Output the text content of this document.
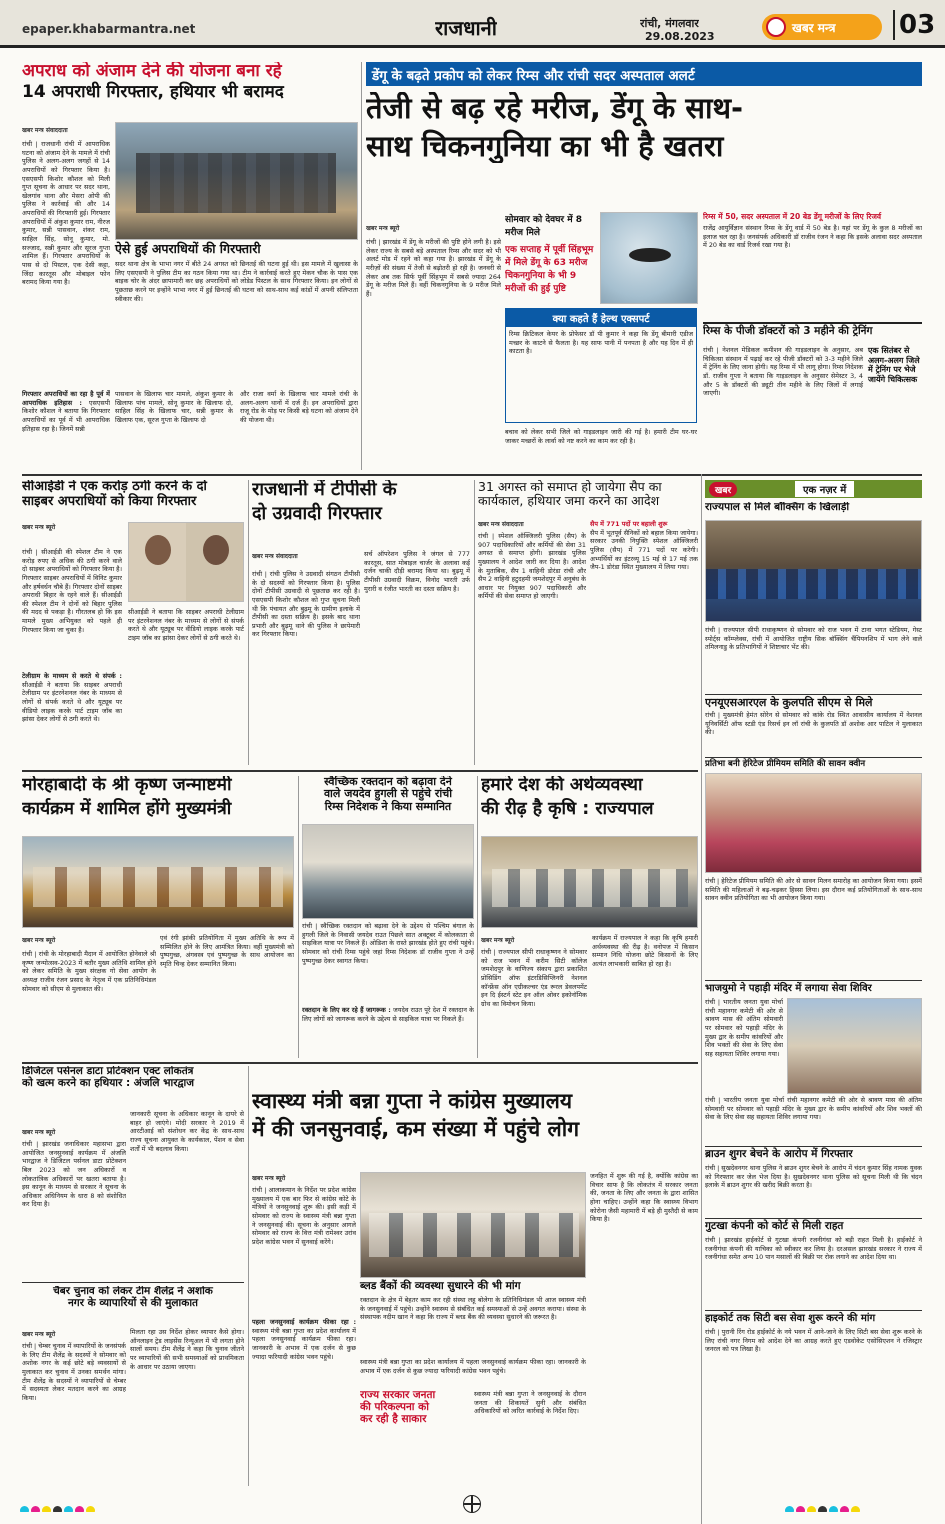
epaper.khabarmantra.net	राजधानी	रांची, मंगलवार
29.08.2023
खबर मन्त्र 03
अपराध को अंजाम देने की योजना बना रहे
14 अपराधी गिरफ्तार, हथियार भी बरामद
खबर मन्त्र संवाददाता
रांची | राजधानी रांची में आपराधिक घटना को अंजाम देने के मामले में रांची पुलिस ने अलग-अलग जगहों से 14 अपराधियों को गिरफ्तार किया है। एसएसपी किशोर कौशल को मिली गुप्त सूचना के आधार पर सदर थाना, खेलगांव थाना और मेसरा ओपी की पुलिस ने कार्रवाई की और 14 अपराधियों की गिरफ्तारी हुई। गिरफ्तार अपराधियों में अंकुश कुमार राम, नीरज कुमार, सन्नी पासवान, शंकर राम, साहिल सिंह, सोनू कुमार, मो. सज्जाद, सन्नी कुमार और सूरज गुप्ता शामिल हैं। गिरफ्तार अपराधियों के पास से दो पिस्टल, एक देसी कट्टा, जिंदा कारतूस और मोबाइल फोन बरामद किया गया है।
गिरफ्तार अपराधियों का रहा है पूर्व में आपराधिक इतिहास : एसएसपी किशोर कौशल ने बताया कि गिरफ्तार अपराधियों का पूर्व में भी आपराधिक इतिहास रहा है। जिनमें सन्नी
ऐसे हुई अपराधियों की गिरफ्तारी
सदर थाना क्षेत्र के भाभा नगर में बीते 24 अगस्त को छिनतई की घटना हुई थी। इस मामले में खुलासा के लिए एसएसपी ने पुलिस टीम का गठन किया गया था। टीम ने कार्रवाई करते हुए मेकन चौक के पास एक बाइक चोर के अंदर छापामारी कर छह अपराधियों को लोडेड पिस्टल के साथ गिरफ्तार किया। इन लोगों से पूछताछ करने पर इन्होंने भाभा नगर में हुई छिनतई की घटना को साथ-साथ कई कांडों में अपनी संलिप्तता स्वीकार की।
पासवान के खिलाफ चार मामले, अंकुश कुमार के खिलाफ पांच मामले, सोनू कुमार के खिलाफ दो, साहिल सिंह के खिलाफ चार, सन्नी कुमार के खिलाफ एक, सूरज गुप्ता के खिलाफ दो
और राजा वर्मा के खिलाफ चार मामले रांची के अलग-अलग थानों में दर्ज हैं। इन अपराधियों द्वारा राजू रोड के मोड़ पर किसी बड़े घटना को अंजाम देने की योजना थी।
डेंगू के बढ़ते प्रकोप को लेकर रिम्स और रांची सदर अस्पताल अलर्ट
तेजी से बढ़ रहे मरीज, डेंगू के साथ-
साथ चिकनगुनिया का भी है खतरा
खबर मन्त्र ब्यूरो
सोमवार को देवघर में 8
मरीज मिले
एक सप्ताह में पूर्वी सिंहभूम
में मिले डेंगू के 63 मरीज
चिकनगुनिया के भी 9
मरीजों की हुई पुष्टि
रांची | झारखंड में डेंगू के मरीजों की पुष्टि होने लगी है। इसे लेकर राज्य के सबसे बड़े अस्पताल रिम्स और सदर को भी अलर्ट मोड में रहने को कहा गया है। झारखंड में डेंगू के मरीज़ों की संख्या में तेजी से बढ़ोतरी हो रही है। जनवरी से लेकर अब तक सिर्फ पूर्वी सिंहभूम में सबसे ज्यादा 264 डेंगू के मरीज मिले हैं। वहीं चिकनगुनिया के 9 मरीज मिले हैं।
क्या कहते हैं हेल्थ एक्सपर्ट
रिम्स क्रिटिकल केयर के प्रोफेसर डॉ पी कुमार ने कहा कि डेंगू बीमारी एडीज मच्छर के काटने से फैलता है। यह साफ पानी में पनपता है और यह दिन में ही काटता है।
बचाव को लेकर सभी जिले को गाइडलाइन जारी की गई है। हमारी टीम घर-घर जाकर मच्छरों के लार्वा को नष्ट करने का काम कर रही है।
रिम्स में 50, सदर अस्पताल में 20 बेड डेंगू मरीजों के लिए रिजर्व
राजेंद्र आयुर्विज्ञान संस्थान रिम्स के डेंगू वार्ड में 50 बेड है। यहां पर डेंगू के कुल 8 मरीजों का इलाज चल रहा है। जनसंपर्क अधिकारी डॉ राजीव रंजन ने कहा कि इसके अलावा सदर अस्पताल में 20 बेड का वार्ड रिजर्व रखा गया है।
रिम्स के पीजी डॉक्टरों को 3 महीने की ट्रेनिंग
रांची | नेशनल मेडिकल कमीशन की गाइडलाइन के अनुसार, अब चिकित्सा संस्थान में पढ़ाई कर रहे पीजी डॉक्टरों को 3-3 महीने जिले में ट्रेनिंग के लिए जाना होगी। यह रिम्स में भी लागू होगा। रिम्स निदेशक डॉ. राजीव गुप्ता ने बताया कि गाइडलाइन के अनुसार सेमेस्टर 3, 4 और 5 के डॉक्टरों की ड्यूटी तीन महीने के लिए जिलों में लगाई जाएगी।
एक सितंबर से अलग-अलग जिले में ट्रेनिंग पर भेजे जायेंगे चिकित्सक
सीआईडी ने एक करोड़ ठगी करने के दो
साइबर अपराधियों को किया गिरफ्तार
खबर मन्त्र ब्यूरो
रांची | सीआईडी की स्पेशल टीम ने एक करोड़ रुपए से अधिक की ठगी करने वाले दो साइबर अपराधियों को गिरफ्तार किया है। गिरफ्तार साइबर अपराधियों में विनिट कुमार और हर्षवर्धन चौबे हैं। गिरफ्तार दोनों साइबर अपराधी बिहार के रहने वाले हैं। सीआईडी की स्पेशल टीम ने दोनों को बिहार पुलिस की मदद से पकड़ा है। गौरतलब हो कि इस मामले मुख्य अभियुक्त को पहले ही गिरफ्तार किया जा चुका है।
टेलीग्राम के माध्यम से करते थे संपर्क : सीआईडी ने बताया कि साइबर अपराधी टेलीग्राम पर इंटरनेशनल नंबर के माध्यम से लोगों से संपर्क करते थे और यूट्यूब पर वीडियो लाइक करके पार्ट टाइम जॉब का झांसा देकर लोगों से ठगी करते थे।
सीआईडी ने बताया कि साइबर अपराधी टेलीग्राम पर इंटरनेशनल नंबर के माध्यम से लोगों से संपर्क करते थे और यूट्यूब पर वीडियो लाइक करके पार्ट टाइम जॉब का झांसा देकर लोगों से ठगी करते थे।
राजधानी में टीपीसी के
दो उग्रवादी गिरफ्तार
खबर मन्त्र संवाददाता
रांची | रांची पुलिस ने उग्रवादी संगठन टीपीसी के दो सदस्यों को गिरफ्तार किया है। पुलिस दोनों टीपीसी उग्रवादी से पूछताछ कर रही है। एसएसपी किशोर कौशल को गुप्त सूचना मिली थी कि पंचायत और बुढ़मू के ग्रामीण इलाके में टीपीसी का दस्ता सक्रिय है। इसके बाद थाना प्रभारी और बुढ़मू थाने की पुलिस ने छापेमारी कर गिरफ्तार किया।
सर्च ऑपरेशन पुलिस ने जंगल से 777 कारतूस, सात मोबाइल चार्जर के अलावा कई दर्जन चाकी दौड़ी बरामद किया था। बुढ़मू में टीपीसी उग्रवादी विक्रम, विनोद भारती उर्फ मुरारी व रंजीत भारती का दस्ता सक्रिय है।
31 अगस्त को समाप्त हो जायेगा सैप का
कार्यकाल, हथियार जमा करने का आदेश
खबर मन्त्र संवाददाता
रांची | स्पेशल ऑक्जिलरी पुलिस (सैप) के 907 पदाधिकारियों और कर्मियों की सेवा 31 अगस्त से समाप्त होगी। झारखंड पुलिस मुख्यालय ने आदेश जारी कर दिया है। आदेश के मुताबिक, सैप 1 वाहिनी डोरंडा रांची और सैप 2 वाहिनी हटुदहमी जमशेदपुर में अनुबंध के आधार पर नियुक्त 907 पदाधिकारी और कर्मियों की सेवा समाप्त हो जाएगी।
सैप में 771 पदों पर बहाली शुरू
सैप में भूतपूर्व सैनिकों को बहाल किया जायेगा। सरकार उनकी नियुक्ति स्पेशल ऑक्जिलरी पुलिस (सैप) में 771 पदों पर करेगी। अभ्यर्थियों का इंटरव्यू 15 मई से 17 मई तक जैप-1 डोरंडा स्थित मुख्यालय में लिया गया।
खबर	एक नज़र में
राज्यपाल से मिले बॉक्सिंग के खिलाड़ी
रांची | राज्यपाल सीपी राधाकृष्णन से सोमवार को राज भवन में टाना भगत स्टेडियम, गेस्ट स्पोर्ट्स कॉम्प्लेक्स, रांची में आयोजित राष्ट्रीय सिक बॉक्सिंग चैंपियनशिप में भाग लेने वाले तमिलनाडु के प्रतिभागियों ने शिष्टाचार भेंट की।
एनयूएसआरएल के कुलपति सीएम से मिले
रांची | मुख्यमंत्री हेमंत सोरेन से सोमवार को कांके रोड स्थित आवासीय कार्यालय में नेशनल यूनिवर्सिटी ऑफ स्टडी एंड रिसर्च इन लॉ रांची के कुलपति डॉ अशोक आर पाटिल ने मुलाकात की।
प्रतिभा बनी हेरिटेज प्रीमियम समिति की सावन क्वीन
रांची | हेरिटेज प्रीमियम समिति की ओर से सावन मिलन समारोह का आयोजन किया गया। इसमें समिति की महिलाओं ने बढ़-चढ़कर हिस्सा लिया। इस दौरान कई प्रतियोगिताओं के साथ-साथ सावन क्वीन प्रतियोगिता का भी आयोजन किया गया।
भाजयुमो ने पहाड़ी मंदिर में लगाया सेवा शिविर
रांची | भारतीय जनता युवा मोर्चा रांची महानगर कमेटी की ओर से श्रावण मास की अंतिम सोमवारी पर सोमवार को पहाड़ी मंदिर के मुख्य द्वार के समीप कांवरियों और शिव भक्तों की सेवा के लिए सेवा सह सहायता शिविर लगाया गया।
रांची | भारतीय जनता युवा मोर्चा रांची महानगर कमेटी की ओर से श्रावण मास की अंतिम सोमवारी पर सोमवार को पहाड़ी मंदिर के मुख्य द्वार के समीप कांवरियों और शिव भक्तों की सेवा के लिए सेवा सह सहायता शिविर लगाया गया।
ब्राउन शुगर बेचने के आरोप में गिरफ्तार
रांची | सुखदेवनगर थाना पुलिस ने ब्राउन शुगर बेचने के आरोप में चंदन कुमार सिंह नामक युवक को गिरफ्तार कर जेल भेज दिया है। सुखदेवनगर थाना पुलिस को सूचना मिली थी कि चंदन इलाके में ब्राउन शुगर की खरीद बिक्री करता है।
गुटखा कंपनी को कोर्ट से मिली राहत
रांची | झारखंड हाईकोर्ट से गुटखा कंपनी रजनीगंधा को बड़ी राहत मिली है। हाईकोर्ट ने रजनीगंधा कंपनी की याचिका को स्वीकार कर लिया है। दरअसल झारखंड सरकार ने राज्य में रजनीगंधा समेत अन्य 10 पान मसालों की बिक्री पर रोक लगाने का आदेश दिया था।
हाइकोर्ट तक सिटी बस सेवा शुरू करने की मांग
रांची | पुरानी रिंग रोड हाईकोर्ट के नये भवन में आने-जाने के लिए सिटी बस सेवा शुरू करने के लिए रांची नगर निगम को आदेश देने का आग्रह करते हुए एडवोकेट एसोसिएशन ने रजिस्ट्रार जनरल को पत्र लिखा है।
मोरहाबादी के श्री कृष्ण जन्माष्टमी
कार्यक्रम में शामिल होंगे मुख्यमंत्री
खबर मन्त्र ब्यूरो
रांची | रांची के मोरहाबादी मैदान में आयोजित होनेवाले श्री कृष्ण जन्मोत्सव-2023 में बतौर मुख्य अतिथि शामिल होने को लेकर समिति के मुख्य संरक्षक गो सेवा आयोग के अध्यक्ष राजीव रंजन प्रसाद के नेतृत्व में एक प्रतिनिधिमंडल सोमवार को सीएम से मुलाकात की।
एवं रंगी झांकी प्रतियोगिता में मुख्य अतिथि के रूप में सम्मिलित होने के लिए आमंत्रित किया। वहीं मुख्यमंत्री को पुष्पगुच्छ, अंगवस्त्र एवं पुष्पगुच्छ के साथ आयोजन का स्मृति चिन्ह देकर सम्मानित किया।
स्वैच्छिक रक्तदान को बढ़ावा देने
वाले जयदेव हुगली से पहुंचे रांची
रिम्स निदेशक ने किया सम्मानित
रांची | स्वैच्छिक रक्तदान को बढ़ावा देने के उद्देश्य से पश्चिम बंगाल के हुगली जिले के निवासी जयदेव राउत पिछले सात अक्टूबर में कोलकाता से साइकिल यात्रा पर निकले हैं। ओडिशा के रास्ते झारखंड होते हुए रांची पहुंचे। सोमवार को रांची रिम्स पहुंचे जहां रिम्स निदेशक डॉ राजीव गुप्ता ने उन्हें पुष्पगुच्छ देकर स्वागत किया।
रक्तदान के लिए कर रहे हैं जागरूक : जयदेव राउत पूरे देश में रक्तदान के लिए लोगों को जागरूक करने के उद्देश्य से साइकिल यात्रा पर निकले हैं।
हमारे देश की अर्थव्यवस्था
की रीढ़ है कृषि : राज्यपाल
खबर मन्त्र ब्यूरो
रांची | राज्यपाल सीपी राधाकृष्णन ने सोमवार को राज भवन में करीम सिटी कॉलेज जमशेदपुर के वाणिज्य संकाय द्वारा प्रकाशित प्रोसिडिंग ऑफ इंटरडिसिप्लिनरी नेशनल कॉन्फ्रेंस ऑन एग्रीकल्चर एंड रूरल डेवलपमेंट इन दि ईस्टर्न स्टेट इन ऑल ओवर इकोनॉमिक ग्रोथ का विमोचन किया।
कार्यक्रम में राज्यपाल ने कहा कि कृषि हमारी अर्थव्यवस्था की रीढ़ है। वनोपज में किसान सम्मान निधि योजना छोटे किसानों के लिए अत्यंत लाभकारी साबित हो रहा है।
डिजिटल पर्सनल डाटा प्रोटेक्शन एक्ट लोकतंत्र
को खत्म करने का हथियार : अंजलि भारद्वाज
खबर मन्त्र ब्यूरो
रांची | झारखंड जनाधिकार महासभा द्वारा आयोजित जनसुनवाई कार्यक्रम में अंजलि भारद्वाज ने डिजिटल पर्सनल डाटा प्रोटेक्शन बिल 2023 को जन अधिकारों व लोकतांत्रिक अधिकारों पर खतरा बताया है। इस कानून के माध्यम से सरकार ने सूचना के अधिकार अधिनियम के धारा 8 को संशोधित कर दिया है।
जानकारी सूचना के अधिकार कानून के दायरे से बाहर हो जाएंगे। मोदी सरकार ने 2019 में आरटीआई को संशोधन कर केंद्र के साथ-साथ राज्य सूचना आयुक्त के कार्यकाल, पेंशन व सेवा शर्तों में भी बदलाव किया।
चैंबर चुनाव को लेकर टीम शैलेंद्र ने अशोक
नगर के व्यापारियों से की मुलाकात
खबर मन्त्र ब्यूरो
रांची | चेम्बर चुनाव में व्यापारियों के जनसंपर्क के लिए टीम शैलेंद्र के सदस्यों ने सोमवार को अशोक नगर के कई छोटे बड़े व्यवसायों से मुलाकात कर चुनाव में उनका समर्थन मांगा। टीम शैलेंद्र के सदस्यों ने व्यापारियों से चेम्बर में सदस्यता लेकर मतदान करने का आग्रह किया।
मिलता रहा उस निर्देश होकर व्यापार कैसे होगा। ऑनलाइन ट्रेड लाइसेंस रिन्यूअल में भी लगता होने सालों समय। टीम शैलेंद्र ने कहा कि चुनाव जीतने पर व्यापारियों की सभी समस्याओं को प्राथमिकता के आधार पर उठाया जाएगा।
स्वास्थ्य मंत्री बन्ना गुप्ता ने कांग्रेस मुख्यालय
में की जनसुनवाई, कम संख्या में पहुंचे लोग
खबर मन्त्र ब्यूरो
रांची | आलाकमान के निर्देश पर प्रदेश कांग्रेस मुख्यालय में एक बार फिर से कांग्रेस कोटे के मंत्रियों ने जनसुनवाई शुरू की। इसी कड़ी में सोमवार को राज्य के स्वास्थ्य मंत्री बन्ना गुप्ता ने जनसुनवाई की। सूचना के अनुसार आगले सोमवार को राज्य के वित्त मंत्री रामेश्वर उरांव प्रदेश कांग्रेस भवन में सुनवाई करेंगे।
पहला जनसुनवाई कार्यक्रम फीका रहा : स्वास्थ्य मंत्री बन्ना गुप्ता का प्रदेश कार्यालय में पहला जनसुनवाई कार्यक्रम फीका रहा। जानकारी के अभाव में एक दर्जन से कुछ ज्यादा फरियादी कांग्रेस भवन पहुंचे।
ब्लड बैंकों की व्यवस्था सुधारने की भी मांग
रक्तदान के क्षेत्र में बेहतर काम कर रही संस्था लहू बोलेगा के प्रतिनिधिमंडल भी आज स्वास्थ्य मंत्री के जनसुनवाई में पहुंचे। उन्होंने स्वास्थ्य से संबंधित कई समस्याओं से उन्हें अवगत कराया। संस्था के संस्थापक नदीम खान ने कहा कि राज्य में ब्लड बैंक की व्यवस्था सुधारने की जरूरत है।
राज्य सरकार जनता
की परिकल्पना को
कर रही है साकार
स्वास्थ्य मंत्री बन्ना गुप्ता ने जनसुनवाई के दौरान जनता की शिकायतें सुनी और संबंधित अधिकारियों को त्वरित कार्रवाई के निर्देश दिए।
जनहित में शुरू की गई है, क्योंकि कांग्रेस का विचार साफ है कि लोकतंत्र में सरकार जनता की, जनता के लिए और जनता के द्वारा शासित होना चाहिए। उन्होंने कहा कि स्वास्थ्य विभाग कोरोना जैसी महामारी में बड़े ही मुस्तैदी से काम किया है।
स्वास्थ्य मंत्री बन्ना गुप्ता का प्रदेश कार्यालय में पहला जनसुनवाई कार्यक्रम फीका रहा। जानकारी के अभाव में एक दर्जन से कुछ ज्यादा फरियादी कांग्रेस भवन पहुंचे।
